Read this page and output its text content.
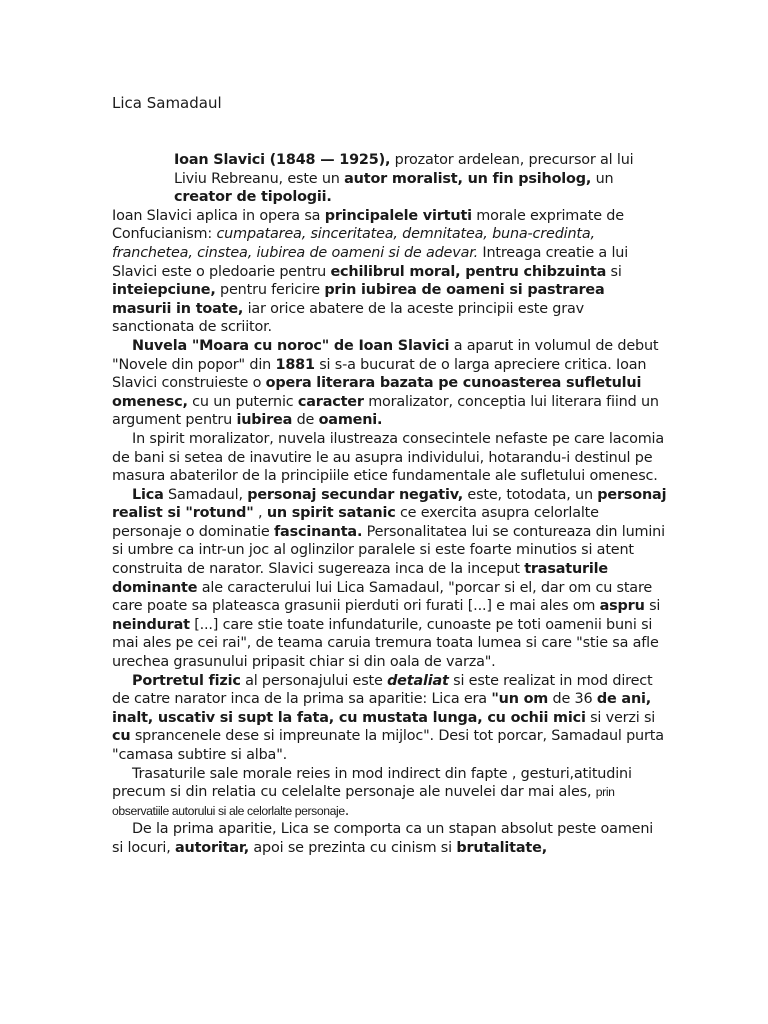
Lica Samadaul

Ioan Slavici (1848 — 1925), prozator ardelean, precursor al lui Liviu Rebreanu, este un autor moralist, un fin psiholog, un creator de tipologii.

Ioan Slavici aplica in opera sa principalele virtuti morale exprimate de Confucianism: cumpatarea, sinceritatea, demnitatea, buna-credinta, franchetea, cinstea, iubirea de oameni si de adevar. Intreaga creatie a lui Slavici este o pledoarie pentru echilibrul moral, pentru chibzuinta si inteiepciune, pentru fericire prin iubirea de oameni si pastrarea masurii in toate, iar orice abatere de la aceste principii este grav sanctionata de scriitor.

Nuvela "Moara cu noroc" de Ioan Slavici a aparut in volumul de debut "Novele din popor" din 1881 si s-a bucurat de o larga apreciere critica. Ioan Slavici construieste o opera literara bazata pe cunoasterea sufletului omenesc, cu un puternic caracter moralizator, conceptia lui literara fiind un argument pentru iubirea de oameni.

In spirit moralizator, nuvela ilustreaza consecintele nefaste pe care lacomia de bani si setea de inavutire le au asupra individului, hotarandu-i destinul pe masura abaterilor de la principiile etice fundamentale ale sufletului omenesc.

Lica Samadaul, personaj secundar negativ, este, totodata, un personaj realist si "rotund" , un spirit satanic ce exercita asupra celorlalte personaje o dominatie fascinanta. Personalitatea lui se contureaza din lumini si umbre ca intr-un joc al oglinzilor paralele si este foarte minutios si atent construita de narator. Slavici sugereaza inca de la inceput trasaturile dominante ale caracterului lui Lica Samadaul, "porcar si el, dar om cu stare care poate sa plateasca grasunii pierduti ori furati [...] e mai ales om aspru si neindurat [...] care stie toate infundaturile, cunoaste pe toti oamenii buni si mai ales pe cei rai", de teama caruia tremura toata lumea si care "stie sa afle urechea grasunului pripasit chiar si din oala de varza".

Portretul fizic al personajului este detaliat si este realizat in mod direct de catre narator inca de la prima sa aparitie: Lica era "un om de 36 de ani, inalt, uscativ si supt la fata, cu mustata lunga, cu ochii mici si verzi si cu sprancenele dese si impreunate la mijloc". Desi tot porcar, Samadaul purta "camasa subtire si alba".

Trasaturile sale morale reies in mod indirect din fapte , gesturi,atitudini precum si din relatia cu celelalte personaje ale nuvelei dar mai ales, prin observatiile autorului si ale celorlalte personaje.

De la prima aparitie, Lica se comporta ca un stapan absolut peste oameni si locuri, autoritar, apoi se prezinta cu cinism si brutalitate,
